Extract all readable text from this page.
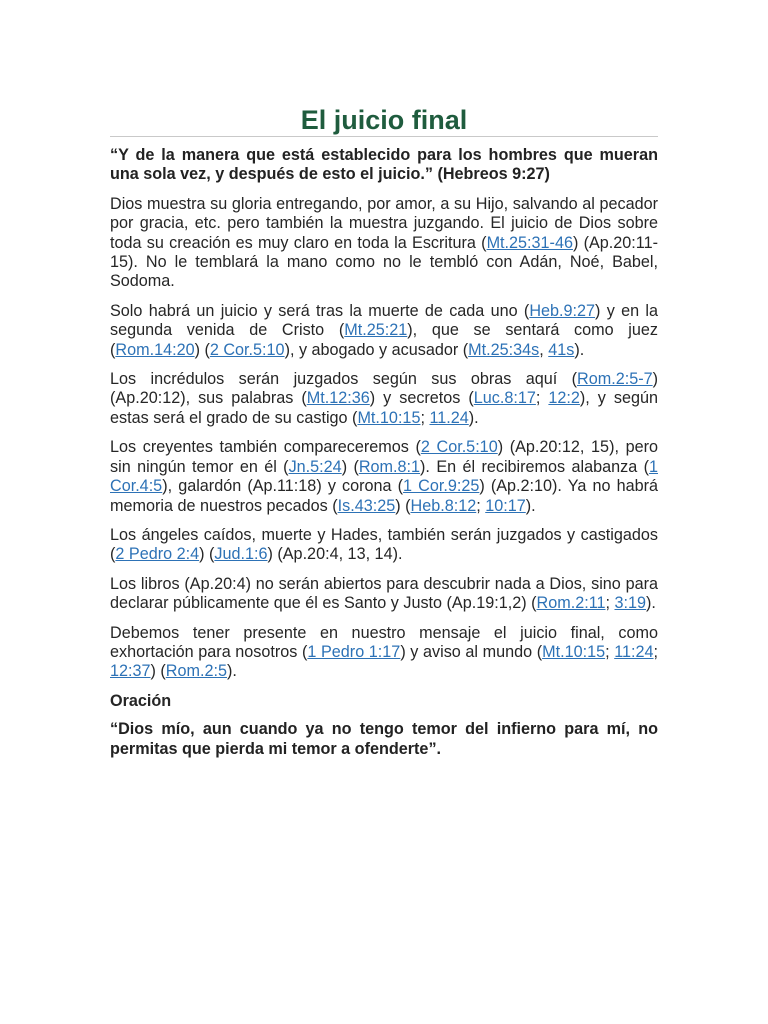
El juicio final

“Y de la manera que está establecido para los hombres que mueran una sola vez, y después de esto el juicio.” (Hebreos 9:27)

Dios muestra su gloria entregando, por amor, a su Hijo, salvando al pecador por gracia, etc. pero también la muestra juzgando. El juicio de Dios sobre toda su creación es muy claro en toda la Escritura (Mt.25:31-46) (Ap.20:11-15). No le temblará la mano como no le tembló con Adán, Noé, Babel, Sodoma.

Solo habrá un juicio y será tras la muerte de cada uno (Heb.9:27) y en la segunda venida de Cristo (Mt.25:21), que se sentará como juez (Rom.14:20) (2 Cor.5:10), y abogado y acusador (Mt.25:34s, 41s).

Los incrédulos serán juzgados según sus obras aquí (Rom.2:5-7) (Ap.20:12), sus palabras (Mt.12:36) y secretos (Luc.8:17; 12:2), y según estas será el grado de su castigo (Mt.10:15; 11.24).

Los creyentes también compareceremos (2 Cor.5:10) (Ap.20:12, 15), pero sin ningún temor en él (Jn.5:24) (Rom.8:1). En él recibiremos alabanza (1 Cor.4:5), galardón (Ap.11:18) y corona (1 Cor.9:25) (Ap.2:10). Ya no habrá memoria de nuestros pecados (Is.43:25) (Heb.8:12; 10:17).

Los ángeles caídos, muerte y Hades, también serán juzgados y castigados (2 Pedro 2:4) (Jud.1:6) (Ap.20:4, 13, 14).

Los libros (Ap.20:4) no serán abiertos para descubrir nada a Dios, sino para declarar públicamente que él es Santo y Justo (Ap.19:1,2) (Rom.2:11; 3:19).

Debemos tener presente en nuestro mensaje el juicio final, como exhortación para nosotros (1 Pedro 1:17) y aviso al mundo (Mt.10:15; 11:24; 12:37) (Rom.2:5).

Oración

“Dios mío, aun cuando ya no tengo temor del infierno para mí, no permitas que pierda mi temor a ofenderte”.
